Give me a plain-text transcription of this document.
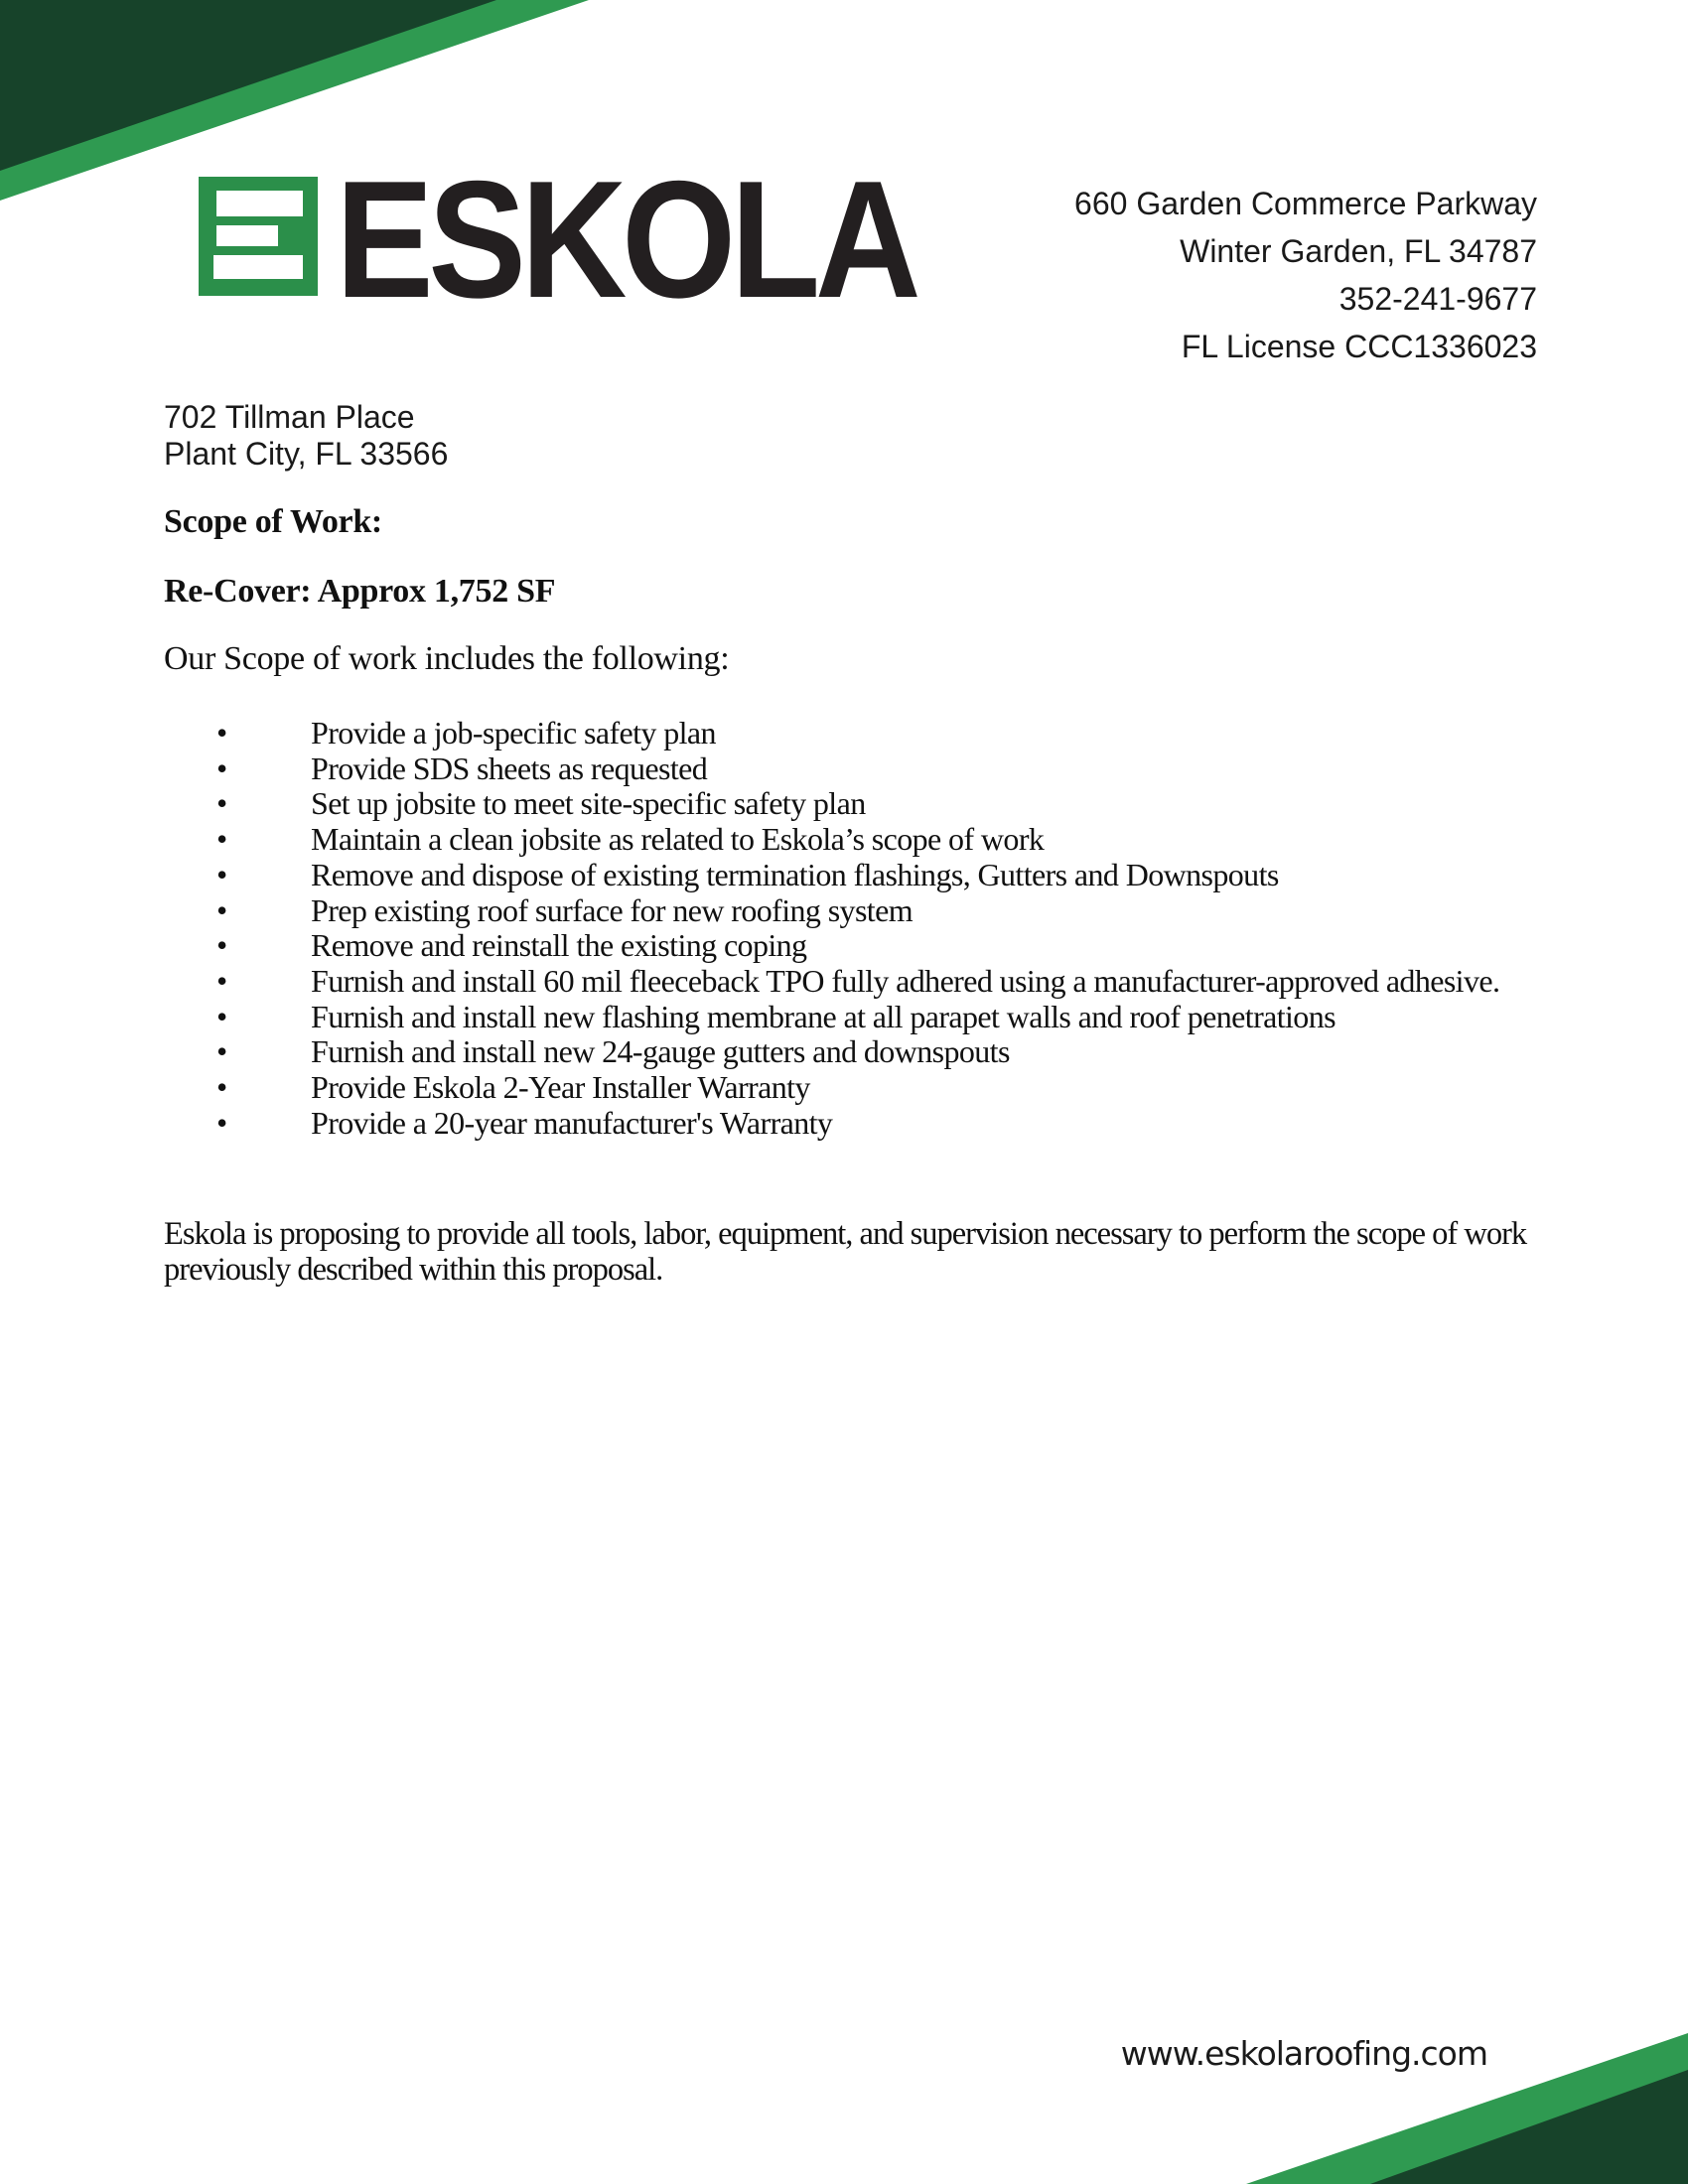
ESKOLA	660 Garden Commerce Parkway
Winter Garden, FL 34787
352-241-9677
FL License CCC1336023
702 Tillman Place
Plant City, FL 33566
Scope of Work:
Re-Cover: Approx 1,752 SF
Our Scope of work includes the following:
• Provide a job-specific safety plan
• Provide SDS sheets as requested
• Set up jobsite to meet site-specific safety plan
• Maintain a clean jobsite as related to Eskola’s scope of work
• Remove and dispose of existing termination flashings, Gutters and Downspouts
• Prep existing roof surface for new roofing system
• Remove and reinstall the existing coping
• Furnish and install 60 mil fleeceback TPO fully adhered using a manufacturer-approved adhesive.
• Furnish and install new flashing membrane at all parapet walls and roof penetrations
• Furnish and install new 24-gauge gutters and downspouts
• Provide Eskola 2-Year Installer Warranty
• Provide a 20-year manufacturer's Warranty
Eskola is proposing to provide all tools, labor, equipment, and supervision necessary to perform the scope of work previously described within this proposal.
www.eskolaroofing.com
